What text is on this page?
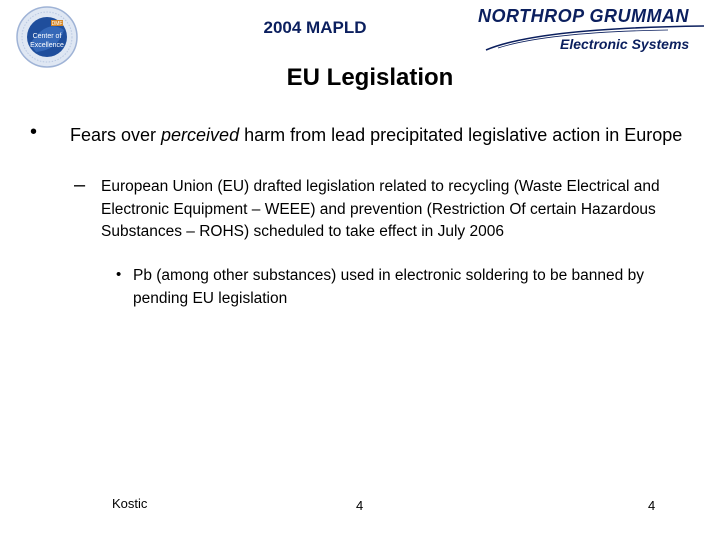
DMF
Center of
Excellence
2004 MAPLD
NORTHROP GRUMMAN
Electronic Systems
EU Legislation
• Fears over perceived harm from lead precipitated legislative action in Europe
– European Union (EU) drafted legislation related to recycling (Waste Electrical and Electronic Equipment – WEEE) and prevention (Restriction Of certain Hazardous Substances – ROHS) scheduled to take effect in July 2006
• Pb (among other substances) used in electronic soldering to be banned by pending EU legislation
Kostic	4	4
